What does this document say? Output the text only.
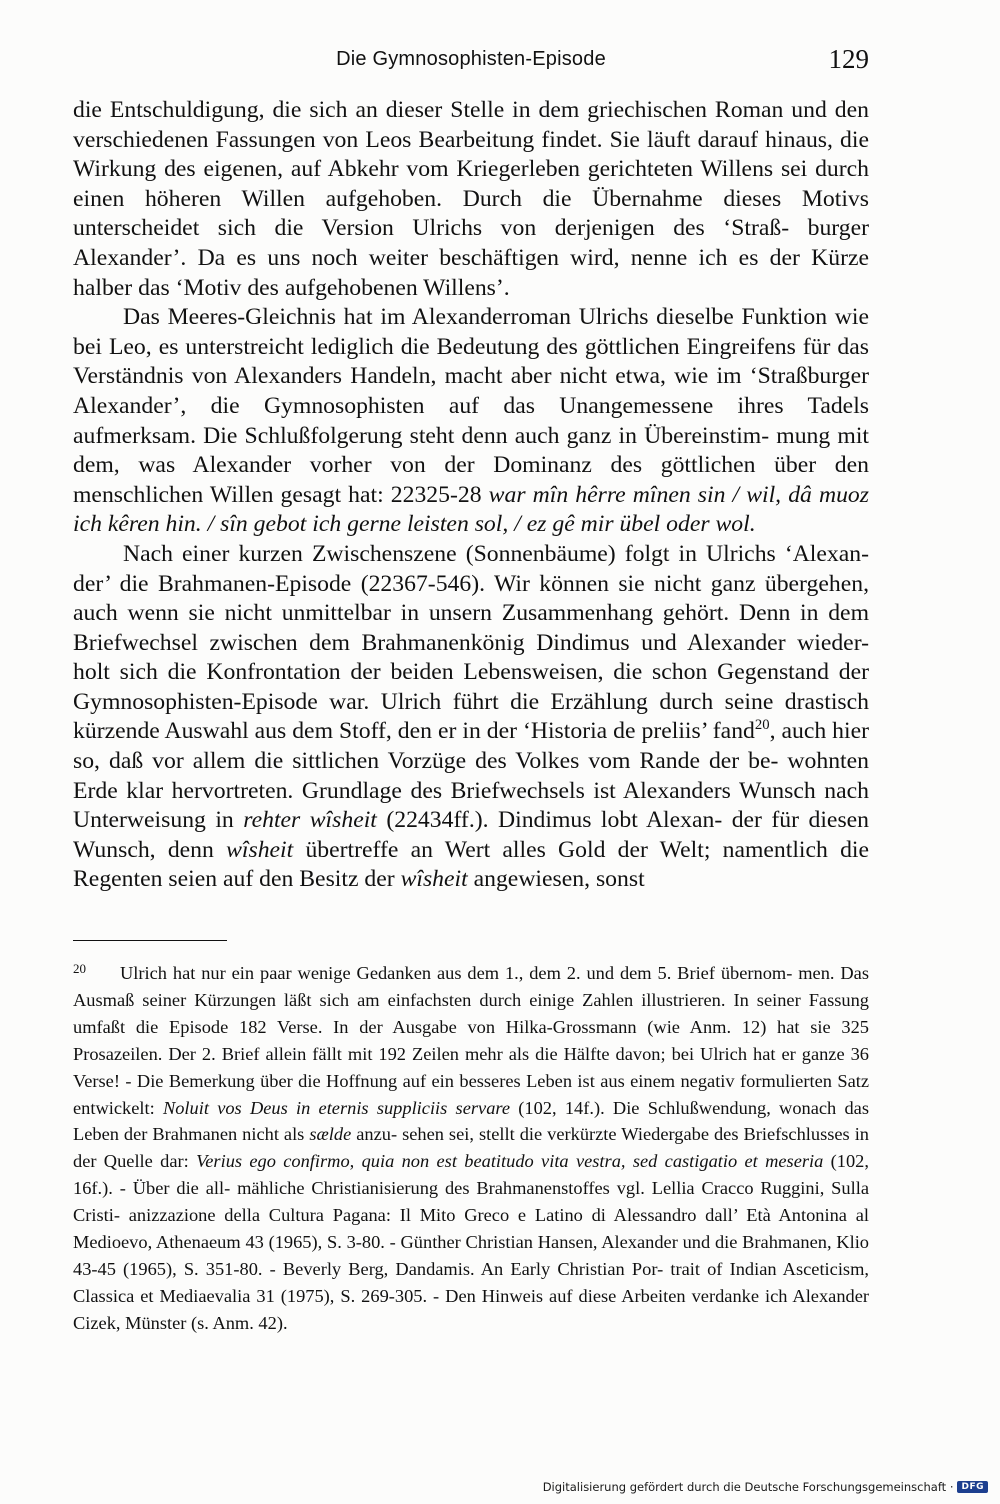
Die Gymnosophisten-Episode	129

die Entschuldigung, die sich an dieser Stelle in dem griechischen Roman und den verschiedenen Fassungen von Leos Bearbeitung findet. Sie läuft darauf hinaus, die Wirkung des eigenen, auf Abkehr vom Kriegerleben gerichteten Willens sei durch einen höheren Willen aufgehoben. Durch die Übernahme dieses Motivs unterscheidet sich die Version Ulrichs von derjenigen des ‘Straß- burger Alexander’. Da es uns noch weiter beschäftigen wird, nenne ich es der Kürze halber das ‘Motiv des aufgehobenen Willens’.

Das Meeres-Gleichnis hat im Alexanderroman Ulrichs dieselbe Funktion wie bei Leo, es unterstreicht lediglich die Bedeutung des göttlichen Eingreifens für das Verständnis von Alexanders Handeln, macht aber nicht etwa, wie im ‘Straßburger Alexander’, die Gymnosophisten auf das Unangemessene ihres Tadels aufmerksam. Die Schlußfolgerung steht denn auch ganz in Übereinstim- mung mit dem, was Alexander vorher von der Dominanz des göttlichen über den menschlichen Willen gesagt hat: 22325-28 war mîn hêrre mînen sin / wil, dâ muoz ich kêren hin. / sîn gebot ich gerne leisten sol, / ez gê mir übel oder wol.

Nach einer kurzen Zwischenszene (Sonnenbäume) folgt in Ulrichs ‘Alexan- der’ die Brahmanen-Episode (22367-546). Wir können sie nicht ganz übergehen, auch wenn sie nicht unmittelbar in unsern Zusammenhang gehört. Denn in dem Briefwechsel zwischen dem Brahmanenkönig Dindimus und Alexander wieder- holt sich die Konfrontation der beiden Lebensweisen, die schon Gegenstand der Gymnosophisten-Episode war. Ulrich führt die Erzählung durch seine drastisch kürzende Auswahl aus dem Stoff, den er in der ‘Historia de preliis’ fand$^{20}$, auch hier so, daß vor allem die sittlichen Vorzüge des Volkes vom Rande der be- wohnten Erde klar hervortreten. Grundlage des Briefwechsels ist Alexanders Wunsch nach Unterweisung in rehter wîsheit (22434ff.). Dindimus lobt Alexan- der für diesen Wunsch, denn wîsheit übertreffe an Wert alles Gold der Welt; namentlich die Regenten seien auf den Besitz der wîsheit angewiesen, sonst

20 Ulrich hat nur ein paar wenige Gedanken aus dem 1., dem 2. und dem 5. Brief übernom- men. Das Ausmaß seiner Kürzungen läßt sich am einfachsten durch einige Zahlen illustrieren. In seiner Fassung umfaßt die Episode 182 Verse. In der Ausgabe von Hilka-Grossmann (wie Anm. 12) hat sie 325 Prosazeilen. Der 2. Brief allein fällt mit 192 Zeilen mehr als die Hälfte davon; bei Ulrich hat er ganze 36 Verse! - Die Bemerkung über die Hoffnung auf ein besseres Leben ist aus einem negativ formulierten Satz entwickelt: Noluit vos Deus in eternis suppliciis servare (102, 14f.). Die Schlußwendung, wonach das Leben der Brahmanen nicht als sælde anzu- sehen sei, stellt die verkürzte Wiedergabe des Briefschlusses in der Quelle dar: Verius ego confirmo, quia non est beatitudo vita vestra, sed castigatio et meseria (102, 16f.). - Über die all- mähliche Christianisierung des Brahmanenstoffes vgl. Lellia Cracco Ruggini, Sulla Cristi- anizzazione della Cultura Pagana: Il Mito Greco e Latino di Alessandro dall’ Età Antonina al Medioevo, Athenaeum 43 (1965), S. 3-80. - Günther Christian Hansen, Alexander und die Brahmanen, Klio 43-45 (1965), S. 351-80. - Beverly Berg, Dandamis. An Early Christian Por- trait of Indian Asceticism, Classica et Mediaevalia 31 (1975), S. 269-305. - Den Hinweis auf diese Arbeiten verdanke ich Alexander Cizek, Münster (s. Anm. 42).
Digitalisierung gefördert durch die Deutsche Forschungsgemeinschaft · DFG
